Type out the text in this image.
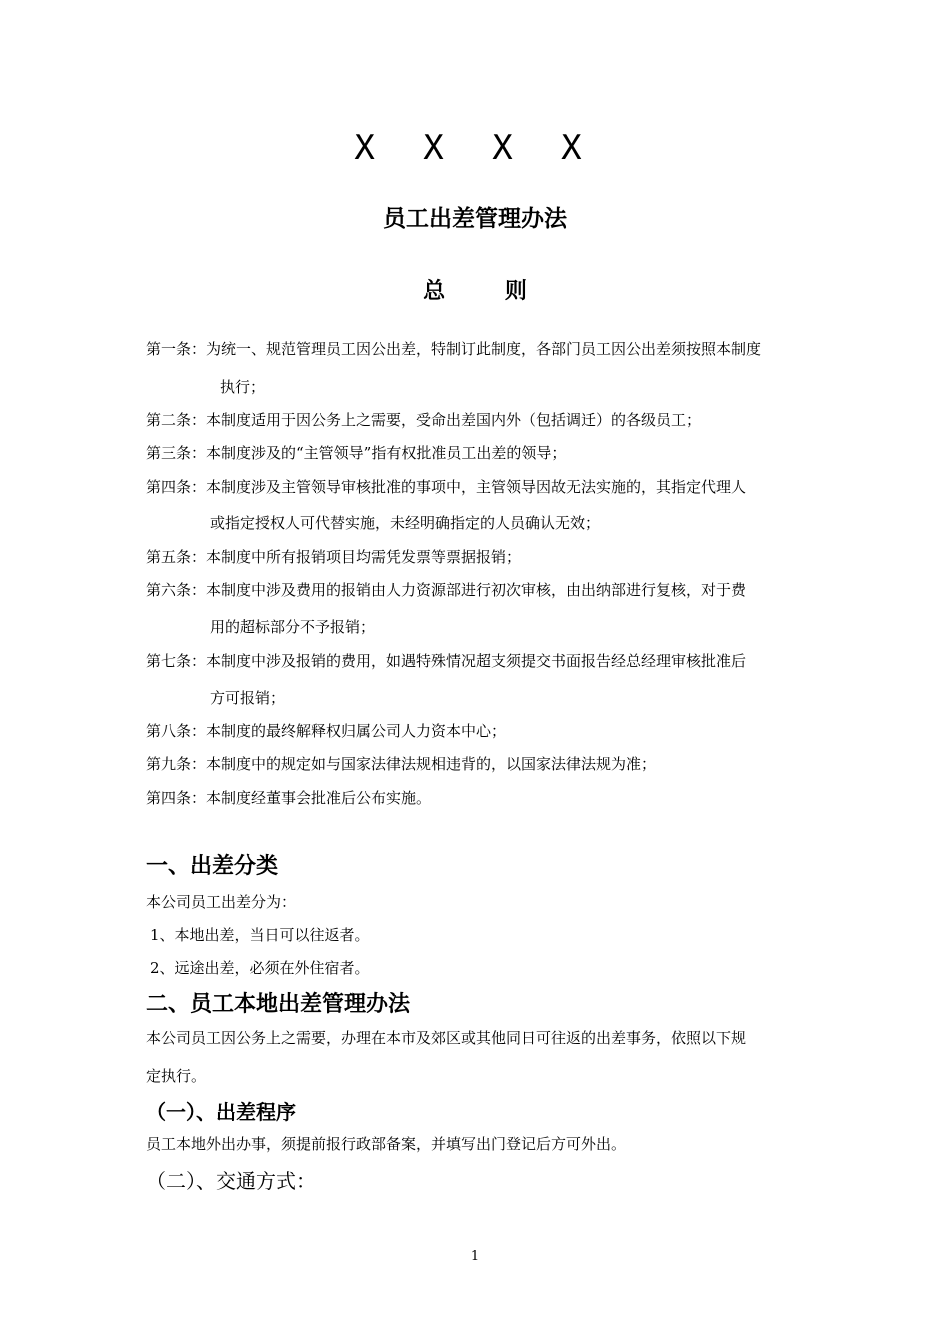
X X X X
员工出差管理办法
总 则
第一条：为统一、规范管理员工因公出差，特制订此制度，各部门员工因公出差须按照本制度
执行；
第二条：本制度适用于因公务上之需要，受命出差国内外（包括调迁）的各级员工；
第三条：本制度涉及的“主管领导”指有权批准员工出差的领导；
第四条：本制度涉及主管领导审核批准的事项中，主管领导因故无法实施的，其指定代理人
或指定授权人可代替实施，未经明确指定的人员确认无效；
第五条：本制度中所有报销项目均需凭发票等票据报销；
第六条：本制度中涉及费用的报销由人力资源部进行初次审核，由出纳部进行复核，对于费
用的超标部分不予报销；
第七条：本制度中涉及报销的费用，如遇特殊情况超支须提交书面报告经总经理审核批准后
方可报销；
第八条：本制度的最终解释权归属公司人力资本中心；
第九条：本制度中的规定如与国家法律法规相违背的，以国家法律法规为准；
第四条：本制度经董事会批准后公布实施。
一、出差分类
本公司员工出差分为：
1、本地出差，当日可以往返者。
2、远途出差，必须在外住宿者。
二、员工本地出差管理办法
本公司员工因公务上之需要，办理在本市及郊区或其他同日可往返的出差事务，依照以下规
定执行。
（一）、出差程序
员工本地外出办事，须提前报行政部备案，并填写出门登记后方可外出。
（二）、交通方式：
1
